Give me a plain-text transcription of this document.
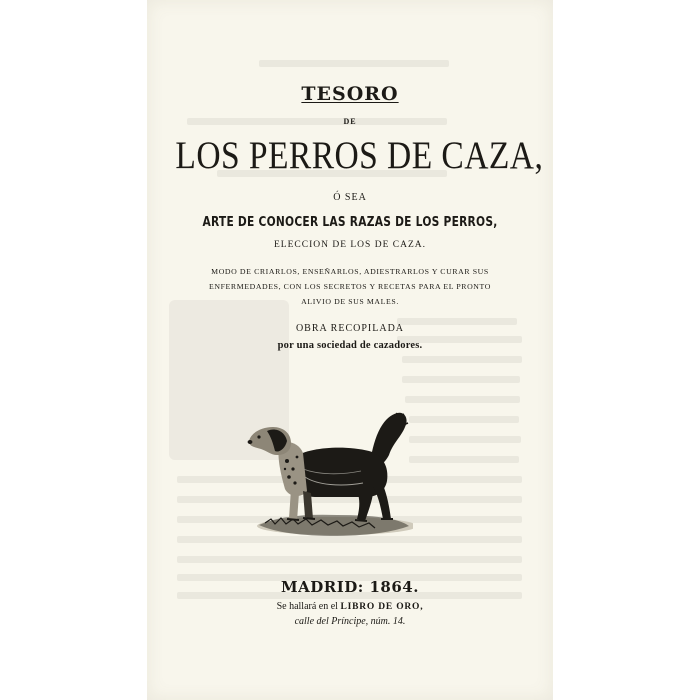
TESORO
DE
LOS PERROS DE CAZA,
Ó SEA
ARTE DE CONOCER LAS RAZAS DE LOS PERROS,
ELECCION DE LOS DE CAZA.
MODO DE CRIARLOS, ENSEÑARLOS, ADIESTRARLOS Y CURAR SUS ENFERMEDADES, CON LOS SECRETOS Y RECETAS PARA EL PRONTO ALIVIO DE SUS MALES.
OBRA RECOPILADA
por una sociedad de cazadores.
MADRID: 1864.
Se hallará en el LIBRO DE ORO,
calle del Príncipe, núm. 14.
